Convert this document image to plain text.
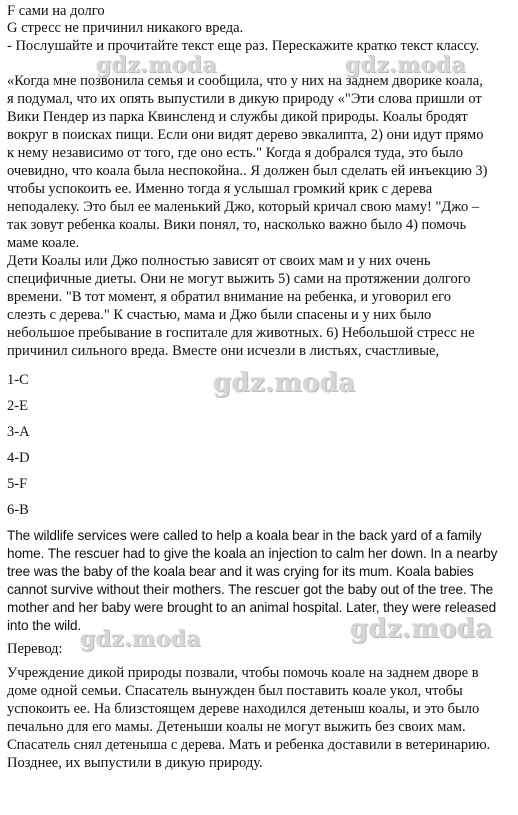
F сами на долго
G стресс не причинил никакого вреда.
- Послушайте и прочитайте текст еще раз. Перескажите кратко текст классу.
gdz.moda	gdz.moda
«Когда мне позвонила семья и сообщила, что у них на заднем дворике коала,
я подумал, что их опять выпустили в дикую природу «"Эти слова пришли от
Вики Пендер из парка Квинсленд и службы дикой природы. Коалы бродят
вокруг в поисках пищи. Если они видят дерево эвкалипта, 2) они идут прямо
к нему независимо от того, где оно есть." Когда я добрался туда, это было
очевидно, что коала была неспокойна.. Я должен был сделать ей инъекцию 3)
чтобы успокоить ее. Именно тогда я услышал громкий крик с дерева
неподалеку. Это был ее маленький Джо, который кричал свою маму! "Джо –
так зовут ребенка коалы. Вики понял, то, насколько важно было 4) помочь
маме коале.
Дети Коалы или Джо полностью зависят от своих мам и у них очень
специфичные диеты. Они не могут выжить 5) сами на протяжении долгого
времени. "В тот момент, я обратил внимание на ребенка, и уговорил его
слезть с дерева." К счастью, мама и Джо были спасены и у них было
небольшое пребывание в госпитале для животных. 6) Небольшой стресс не
причинил сильного вреда. Вместе они исчезли в листьях, счастливые,
1-C	gdz.moda
2-E
3-A
4-D
5-F
6-B
The wildlife services were called to help a koala bear in the back yard of a family
home. The rescuer had to give the koala an injection to calm her down. In a nearby
tree was the baby of the koala bear and it was crying for its mum. Koala babies
cannot survive without their mothers. The rescuer got the baby out of the tree. The
mother and her baby were brought to an animal hospital. Later, they were released
into the wild.	gdz.moda
gdz.moda
Перевод:
Учреждение дикой природы позвали, чтобы помочь коале на заднем дворе в
доме одной семьи. Спасатель вынужден был поставить коале укол, чтобы
успокоить ее. На близстоящем дереве находился детеныш коалы, и это было
печально для его мамы. Детеныши коалы не могут выжить без своих мам.
Спасатель снял детеныша с дерева. Мать и ребенка доставили в ветеринарию.
Позднее, их выпустили в дикую природу.
